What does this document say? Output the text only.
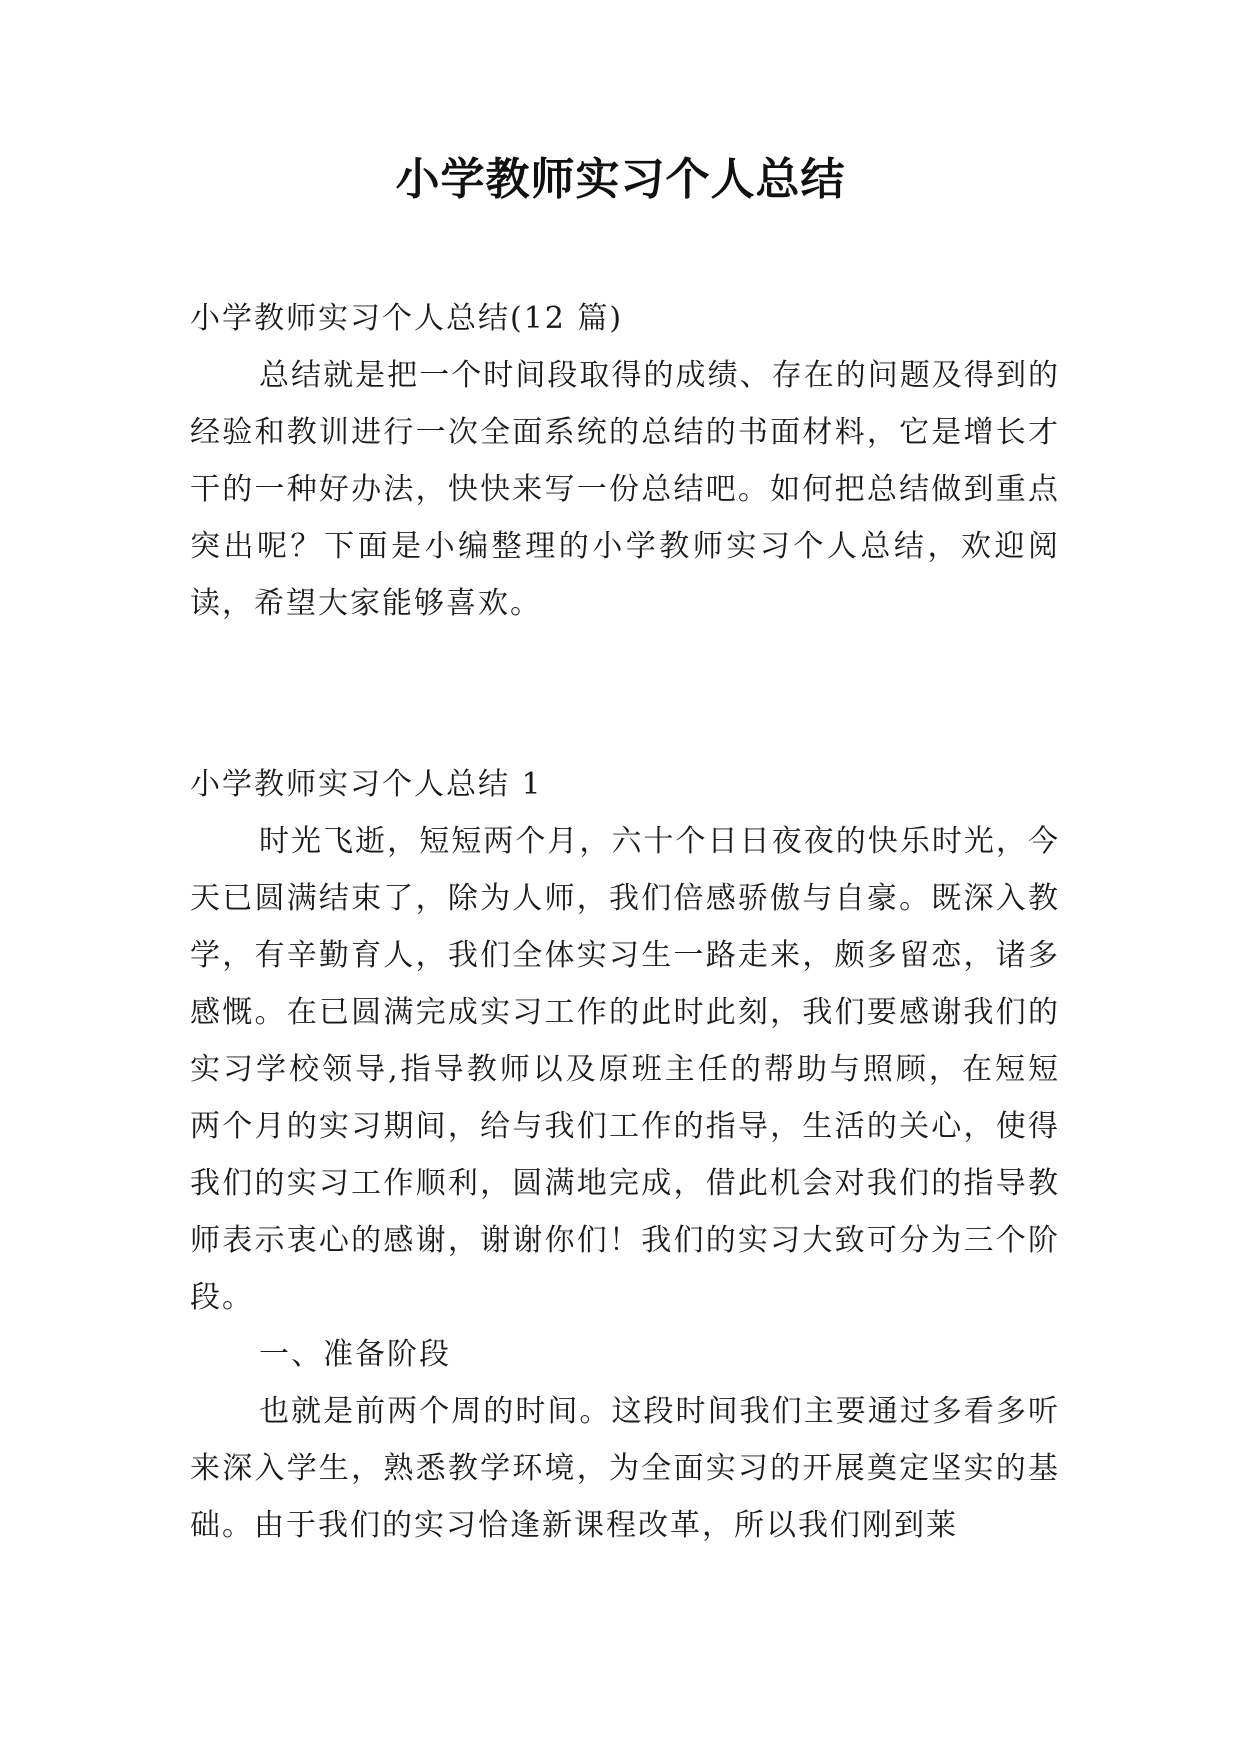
小学教师实习个人总结

小学教师实习个人总结(12 篇)

总结就是把一个时间段取得的成绩、存在的问题及得到的经验和教训进行一次全面系统的总结的书面材料，它是增长才干的一种好办法，快快来写一份总结吧。如何把总结做到重点突出呢？下面是小编整理的小学教师实习个人总结，欢迎阅读，希望大家能够喜欢。

小学教师实习个人总结 1

时光飞逝，短短两个月，六十个日日夜夜的快乐时光，今天已圆满结束了，除为人师，我们倍感骄傲与自豪。既深入教学，有辛勤育人，我们全体实习生一路走来，颇多留恋，诸多感慨。在已圆满完成实习工作的此时此刻，我们要感谢我们的实习学校领导,指导教师以及原班主任的帮助与照顾，在短短两个月的实习期间，给与我们工作的指导，生活的关心，使得我们的实习工作顺利，圆满地完成，借此机会对我们的指导教师表示衷心的感谢，谢谢你们！我们的实习大致可分为三个阶段。

一、准备阶段

也就是前两个周的时间。这段时间我们主要通过多看多听来深入学生，熟悉教学环境，为全面实习的开展奠定坚实的基础。由于我们的实习恰逢新课程改革，所以我们刚到莱
